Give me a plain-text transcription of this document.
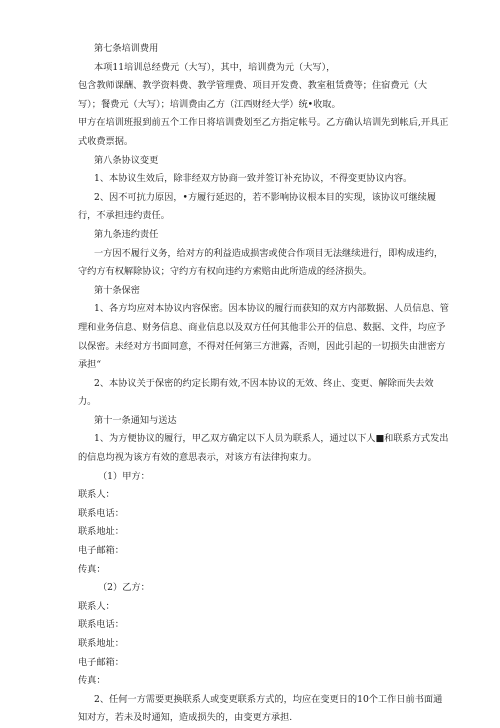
第七条培训费用

本项11培训总经费元（大写），其中，培训费为元（大写），

包含教师课酬、教学资料费、教学管理费、项目开发费、教室租赁费等；住宿费元（大

写）；餐费元（大写）；培训费由乙方（江西财经大学）统•收取。

甲方在培训班报到前五个工作日将培训费划至乙方指定帐号。乙方确认培训先到帐后,开具正

式收费票据。

第八条协议变更

1、本协议生效后，除非经双方协商一致并签订补充协议，不得变更协议内容。

2、因不可抗力原因，•方履行延迟的，若不影响协议根本目的实现，该协议可继续履

行，不承担违约责任。

第九条违约责任

一方因不履行义务，给对方的利益造成损害或使合作项目无法继续进行，即构成违约，

守约方有权解除协议；守约方有权向违约方索赔由此所造成的经济损失。

第十条保密

1、各方均应对本协议内容保密。因本协议的履行而获知的双方内部数据、人员信息、管

理和业务信息、财务信息、商业信息以及双方任何其他非公开的信息、数据、文件，均应予

以保密。未经对方书面同意，不得对任何第三方泄露，否则，因此引起的一切损失由泄密方

承担“

2、本协议关于保密的约定长期有效,不因本协议的无效、终止、变更、解除而失去效

力。

第十一条通知与送达

1、为方便协议的履行，甲乙双方确定以下人员为联系人，通过以下人■和联系方式发出

的信息均视为该方有效的意思表示，对该方有法律拘束力。

（1）甲方：

联系人：

联系电话：

联系地址：

电子邮箱：

传真：

（2）乙方：

联系人：

联系电话：

联系地址：

电子邮箱：

传真：

2、任何一方需要更换联系人或变更联系方式的，均应在变更日的10个工作日前书面通

知对方，若未及时通知，造成损失的，由变更方承担.
